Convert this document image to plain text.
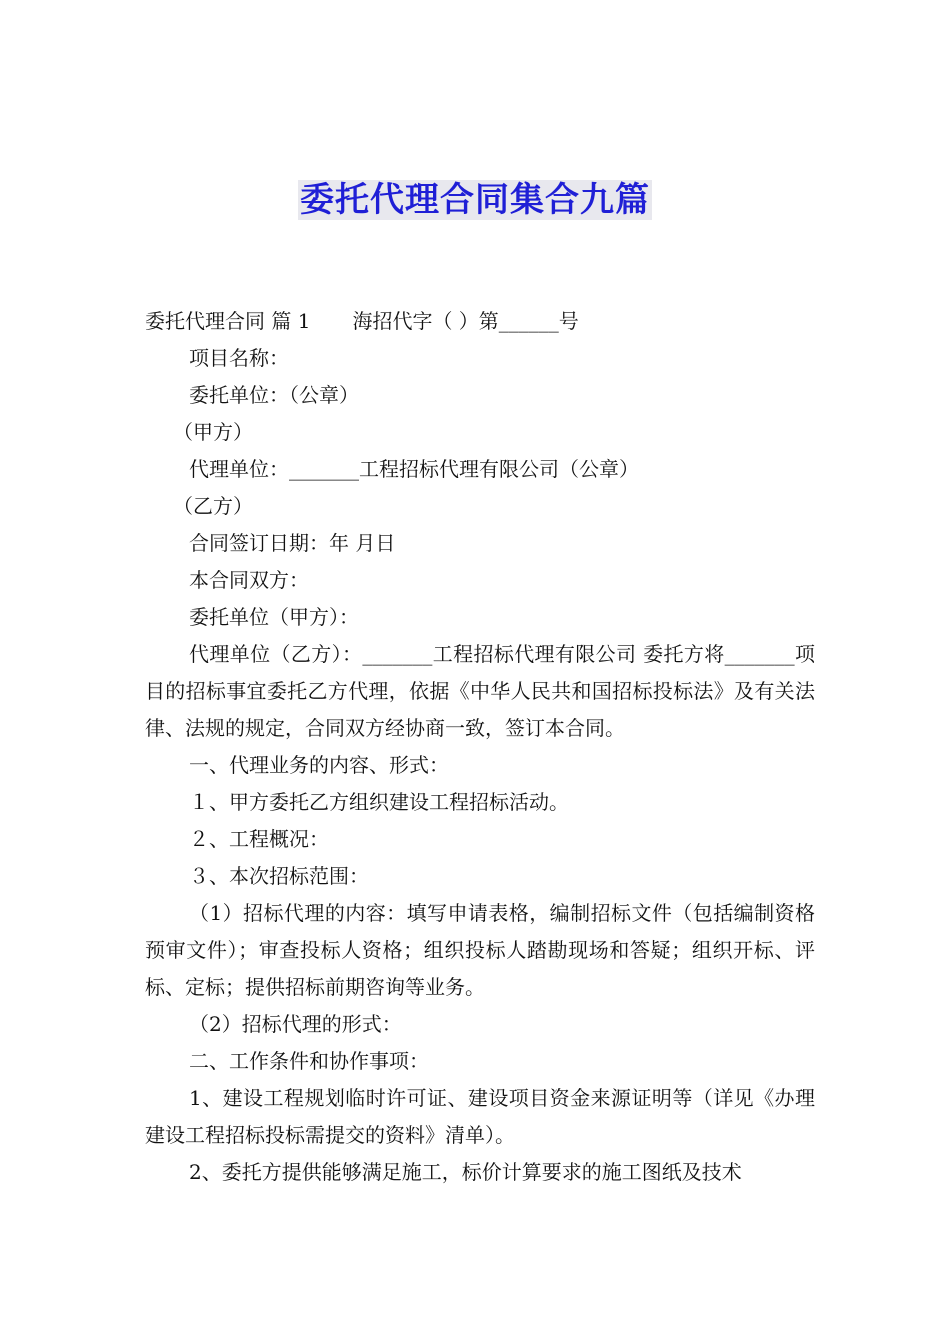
委托代理合同集合九篇
委托代理合同 篇 1 海招代字（ ）第______号
项目名称：
委托单位：（公章）
（甲方）
代理单位：_______工程招标代理有限公司（公章）
（乙方）
合同签订日期：年 月日
本合同双方：
委托单位（甲方）：
代理单位（乙方）：_______工程招标代理有限公司 委托方将_______项目的招标事宜委托乙方代理，依据《中华人民共和国招标投标法》及有关法律、法规的规定，合同双方经协商一致，签订本合同。
一、代理业务的内容、形式：
１、甲方委托乙方组织建设工程招标活动。
２、工程概况：
３、本次招标范围：
（1）招标代理的内容：填写申请表格，编制招标文件（包括编制资格预审文件）；审查投标人资格；组织投标人踏勘现场和答疑；组织开标、评标、定标；提供招标前期咨询等业务。
（2）招标代理的形式：
二、工作条件和协作事项：
1、建设工程规划临时许可证、建设项目资金来源证明等（详见《办理建设工程招标投标需提交的资料》清单）。
2、委托方提供能够满足施工，标价计算要求的施工图纸及技术
